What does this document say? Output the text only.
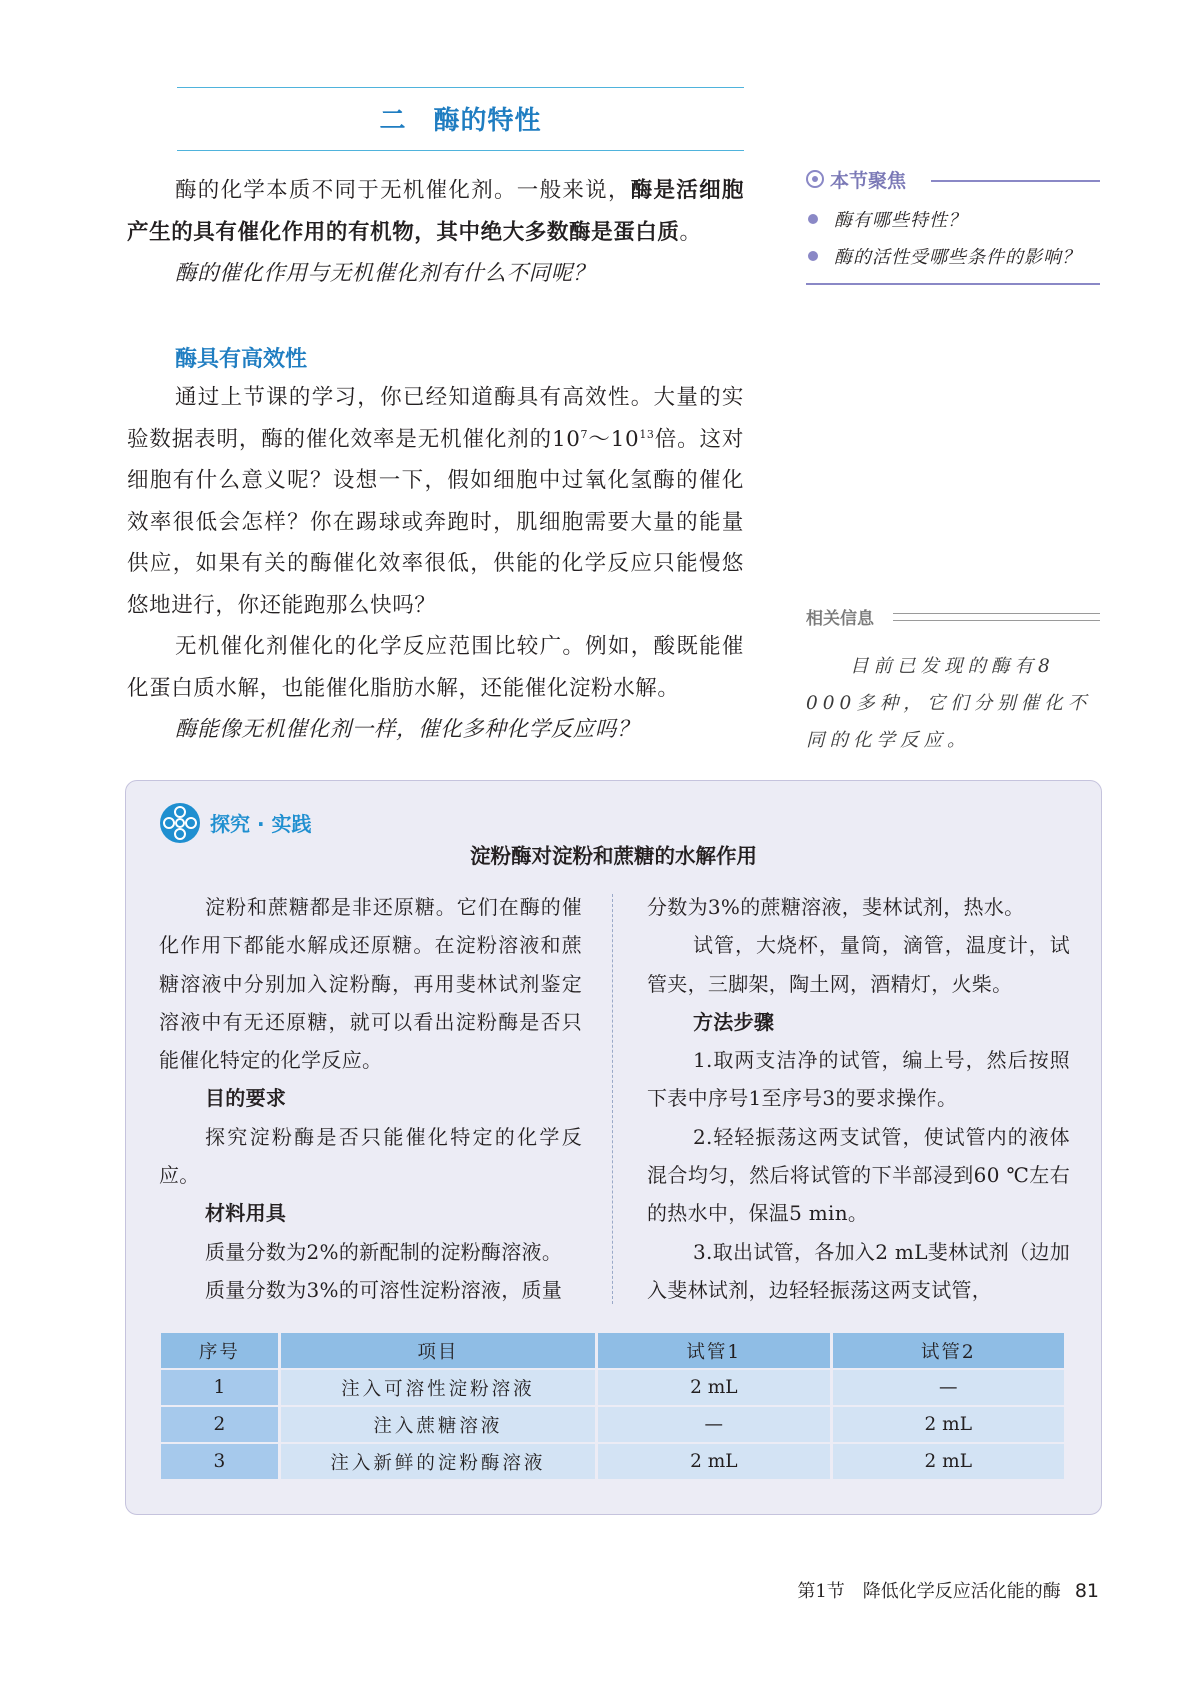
二　酶的特性

酶的化学本质不同于无机催化剂。一般来说，酶是活细胞产生的具有催化作用的有机物，其中绝大多数酶是蛋白质。

酶的催化作用与无机催化剂有什么不同呢？

本节聚焦
酶有哪些特性？
酶的活性受哪些条件的影响？
酶具有高效性

通过上节课的学习，你已经知道酶具有高效性。大量的实验数据表明，酶的催化效率是无机催化剂的$10^7\sim 10^{13}$倍。这对细胞有什么意义呢？设想一下，假如细胞中过氧化氢酶的催化效率很低会怎样？你在踢球或奔跑时，肌细胞需要大量的能量供应，如果有关的酶催化效率很低，供能的化学反应只能慢悠悠地进行，你还能跑那么快吗？

无机催化剂催化的化学反应范围比较广。例如，酸既能催化蛋白质水解，也能催化脂肪水解，还能催化淀粉水解。

酶能像无机催化剂一样，催化多种化学反应吗？

相关信息

目前已发现的酶有8 000多种，它们分别催化不同的化学反应。

探究 · 实践
淀粉酶对淀粉和蔗糖的水解作用

淀粉和蔗糖都是非还原糖。它们在酶的催化作用下都能水解成还原糖。在淀粉溶液和蔗糖溶液中分别加入淀粉酶，再用斐林试剂鉴定溶液中有无还原糖，就可以看出淀粉酶是否只能催化特定的化学反应。

目的要求

探究淀粉酶是否只能催化特定的化学反应。

材料用具

质量分数为2%的新配制的淀粉酶溶液。

质量分数为3%的可溶性淀粉溶液，质量

分数为3%的蔗糖溶液，斐林试剂，热水。

试管，大烧杯，量筒，滴管，温度计，试管夹，三脚架，陶土网，酒精灯，火柴。

方法步骤

1.取两支洁净的试管，编上号，然后按照下表中序号1至序号3的要求操作。

2.轻轻振荡这两支试管，使试管内的液体混合均匀，然后将试管的下半部浸到60 ℃左右的热水中，保温5 min。

3.取出试管，各加入2 mL斐林试剂（边加入斐林试剂，边轻轻振荡这两支试管，

序号	项目	试管1	试管2
1	注入可溶性淀粉溶液	2 mL	—
2	注入蔗糖溶液	—	2 mL
3	注入新鲜的淀粉酶溶液	2 mL	2 mL
第1节　降低化学反应活化能的酶 81
